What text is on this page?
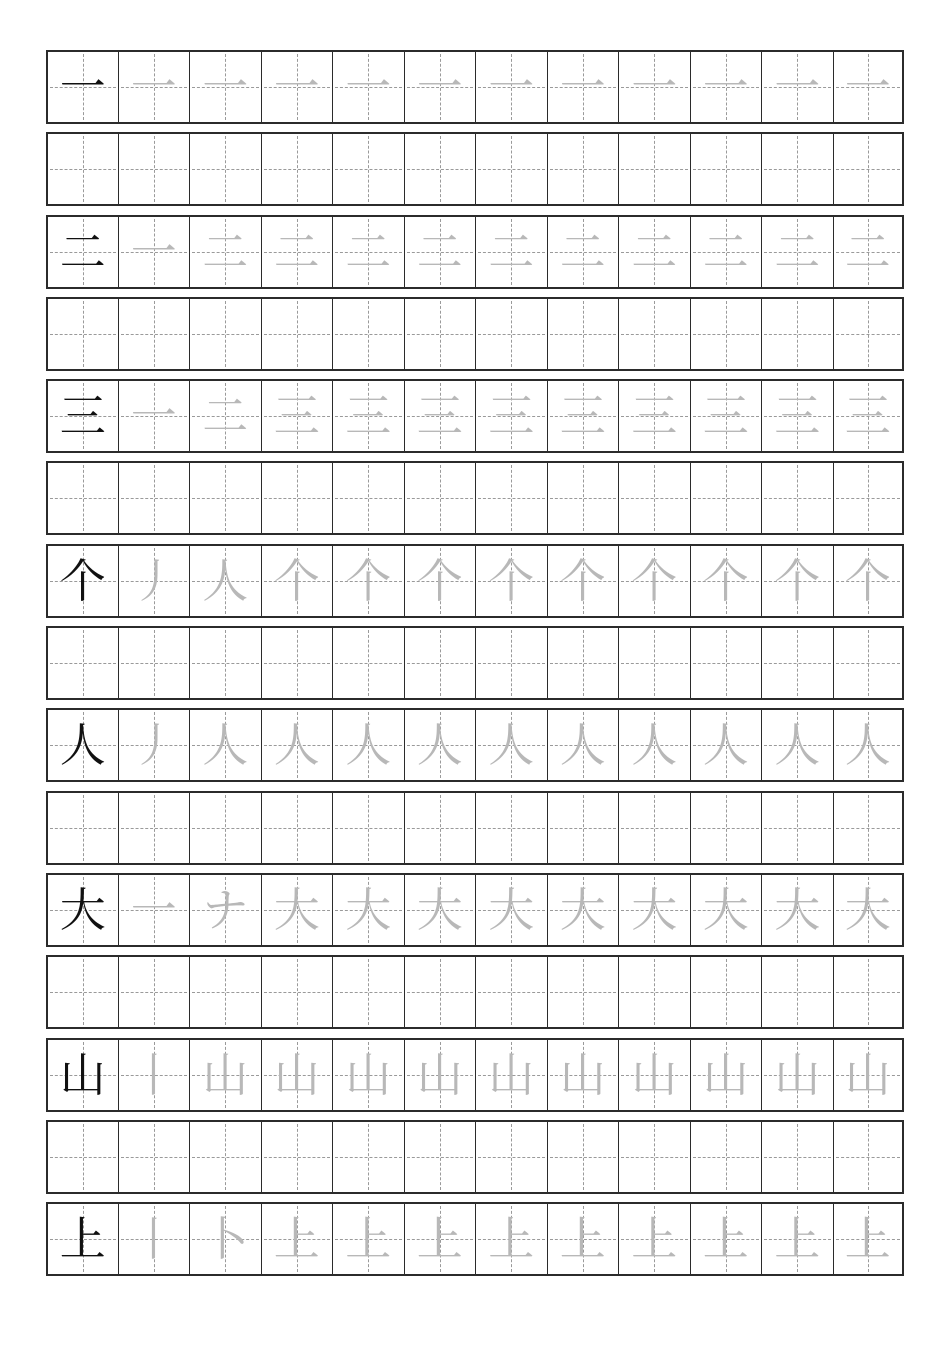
一 一 一 一 一 一 一 一 一 一 一 一
二 一 二 二 二 二 二 二 二 二 二 二
三 一 二 三 三 三 三 三 三 三 三 三
个 丿 人 个 个 个 个 个 个 个 个 个
人 丿 人 人 人 人 人 人 人 人 人 人
大 一 ナ 大 大 大 大 大 大 大 大 大
山 丨 山 山 山 山 山 山 山 山 山 山
上 丨 卜 上 上 上 上 上 上 上 上 上
